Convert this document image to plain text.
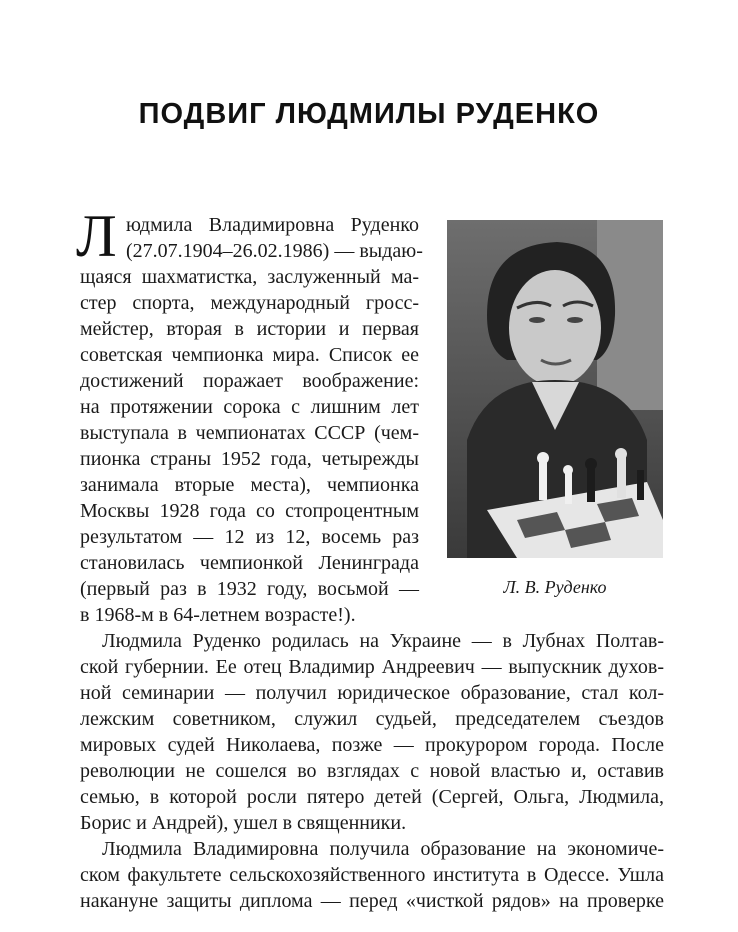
ПОДВИГ ЛЮДМИЛЫ РУДЕНКО
Л юдмила Владимировна Руденко
(27.07.1904–26.02.1986) — выдаю-
щаяся шахматистка, заслуженный ма-
стер спорта, международный гросс-
мейстер, вторая в истории и первая
советская чемпионка мира. Список ее
достижений поражает воображение:
на протяжении сорока с лишним лет
выступала в чемпионатах СССР (чем-
пионка страны 1952 года, четырежды
занимала вторые места), чемпионка
Москвы 1928 года со стопроцентным
результатом — 12 из 12, восемь раз
становилась чемпионкой Ленинграда
(первый раз в 1932 году, восьмой —
в 1968-м в 64-летнем возрасте!).
Л. В. Руденко
Людмила Руденко родилась на Украине — в Лубнах Полтав-
ской губернии. Ее отец Владимир Андреевич — выпускник духов-
ной семинарии — получил юридическое образование, стал кол-
лежским советником, служил судьей, председателем съездов
мировых судей Николаева, позже — прокурором города. После
революции не сошелся во взглядах с новой властью и, оставив
семью, в которой росли пятеро детей (Сергей, Ольга, Людмила,
Борис и Андрей), ушел в священники.
Людмила Владимировна получила образование на экономиче-
ском факультете сельскохозяйственного института в Одессе. Ушла
накануне защиты диплома — перед «чисткой рядов» на проверке
